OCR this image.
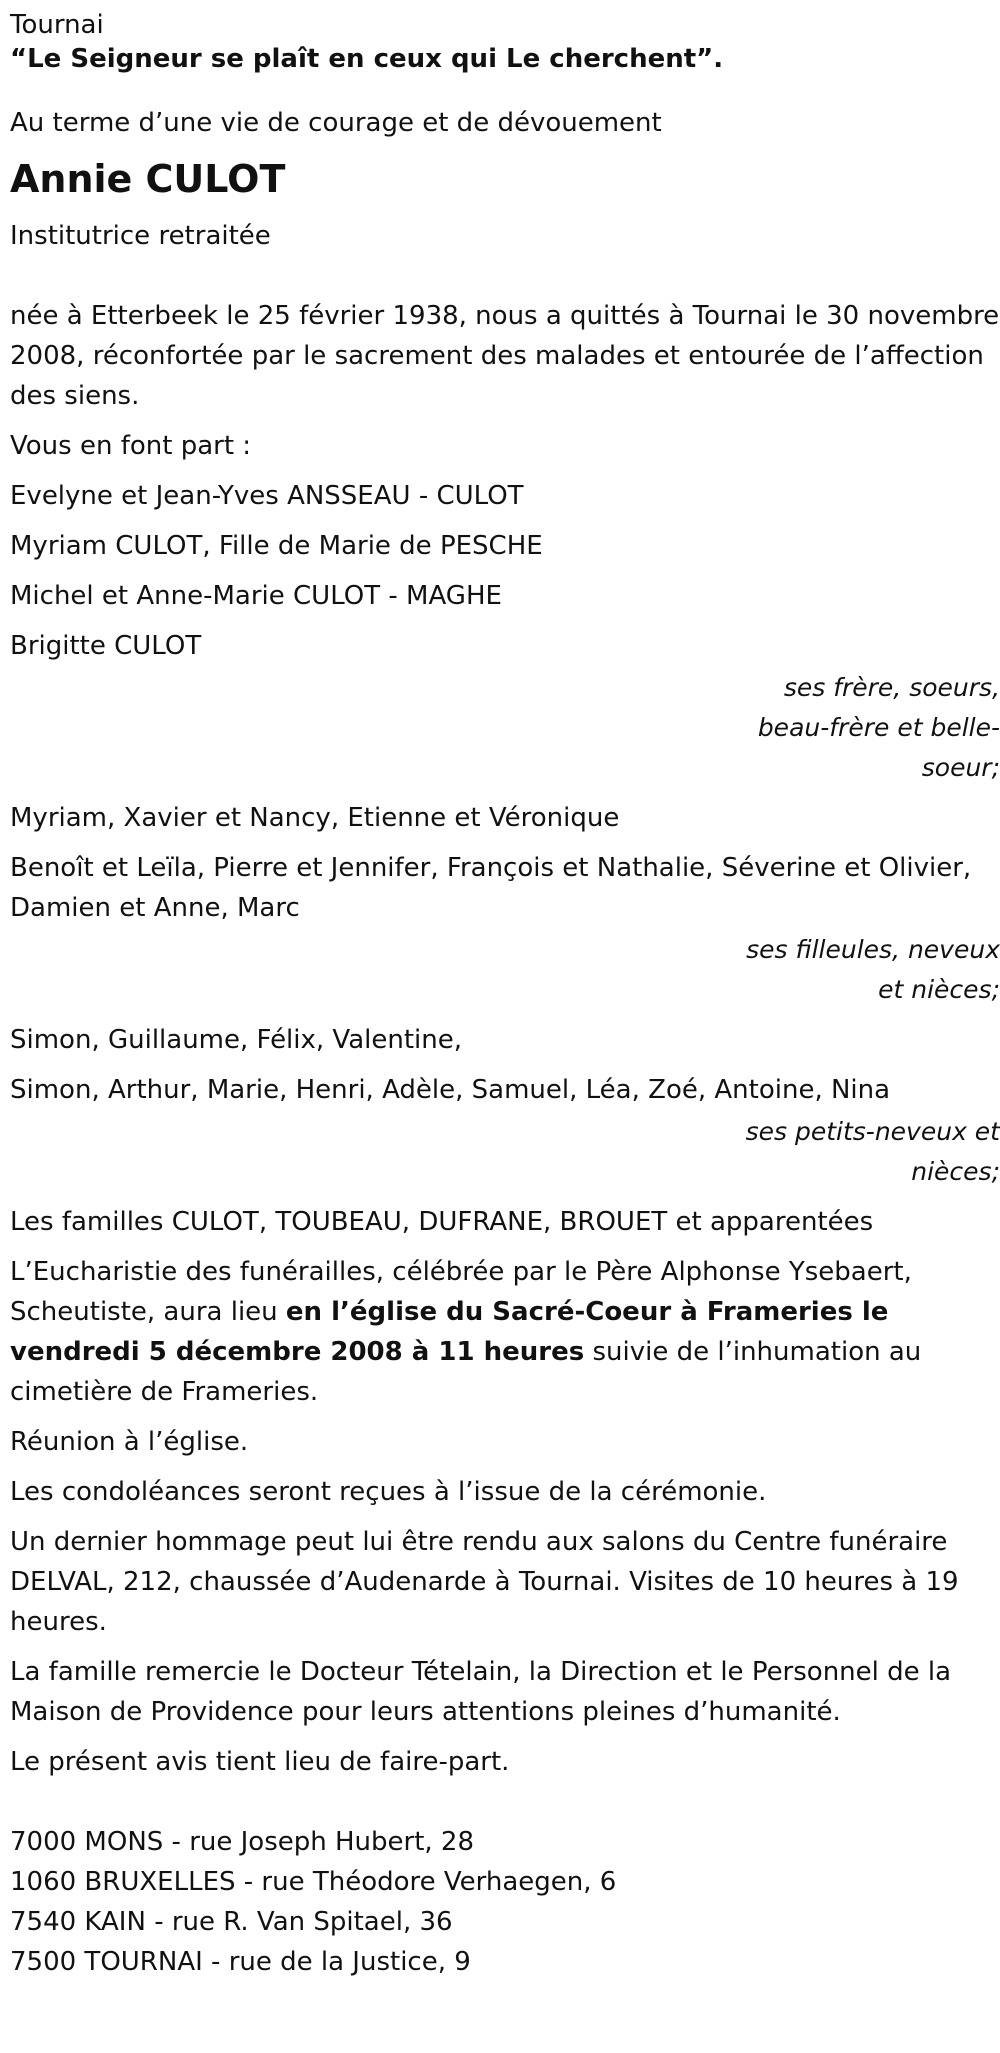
Tournai

“Le Seigneur se plaît en ceux qui Le cherchent”.

Au terme d’une vie de courage et de dévouement

Annie CULOT

Institutrice retraitée

née à Etterbeek le 25 février 1938, nous a quittés à Tournai le 30 novembre 2008, réconfortée par le sacrement des malades et entourée de l’affection des siens.

Vous en font part :

Evelyne et Jean-Yves ANSSEAU - CULOT

Myriam CULOT, Fille de Marie de PESCHE

Michel et Anne-Marie CULOT - MAGHE

Brigitte CULOT

ses frère, soeurs,
beau-frère et belle-
soeur;

Myriam, Xavier et Nancy, Etienne et Véronique

Benoît et Leïla, Pierre et Jennifer, François et Nathalie, Séverine et Olivier, Damien et Anne, Marc

ses filleules, neveux
et nièces;

Simon, Guillaume, Félix, Valentine,

Simon, Arthur, Marie, Henri, Adèle, Samuel, Léa, Zoé, Antoine, Nina

ses petits-neveux et
nièces;

Les familles CULOT, TOUBEAU, DUFRANE, BROUET et apparentées

L’Eucharistie des funérailles, célébrée par le Père Alphonse Ysebaert, Scheutiste, aura lieu en l’église du Sacré-Coeur à Frameries le vendredi 5 décembre 2008 à 11 heures suivie de l’inhumation au cimetière de Frameries.

Réunion à l’église.

Les condoléances seront reçues à l’issue de la cérémonie.

Un dernier hommage peut lui être rendu aux salons du Centre funéraire DELVAL, 212, chaussée d’Audenarde à Tournai. Visites de 10 heures à 19 heures.

La famille remercie le Docteur Tételain, la Direction et le Personnel de la Maison de Providence pour leurs attentions pleines d’humanité.

Le présent avis tient lieu de faire-part.

7000 MONS - rue Joseph Hubert, 28

1060 BRUXELLES - rue Théodore Verhaegen, 6

7540 KAIN - rue R. Van Spitael, 36

7500 TOURNAI - rue de la Justice, 9
